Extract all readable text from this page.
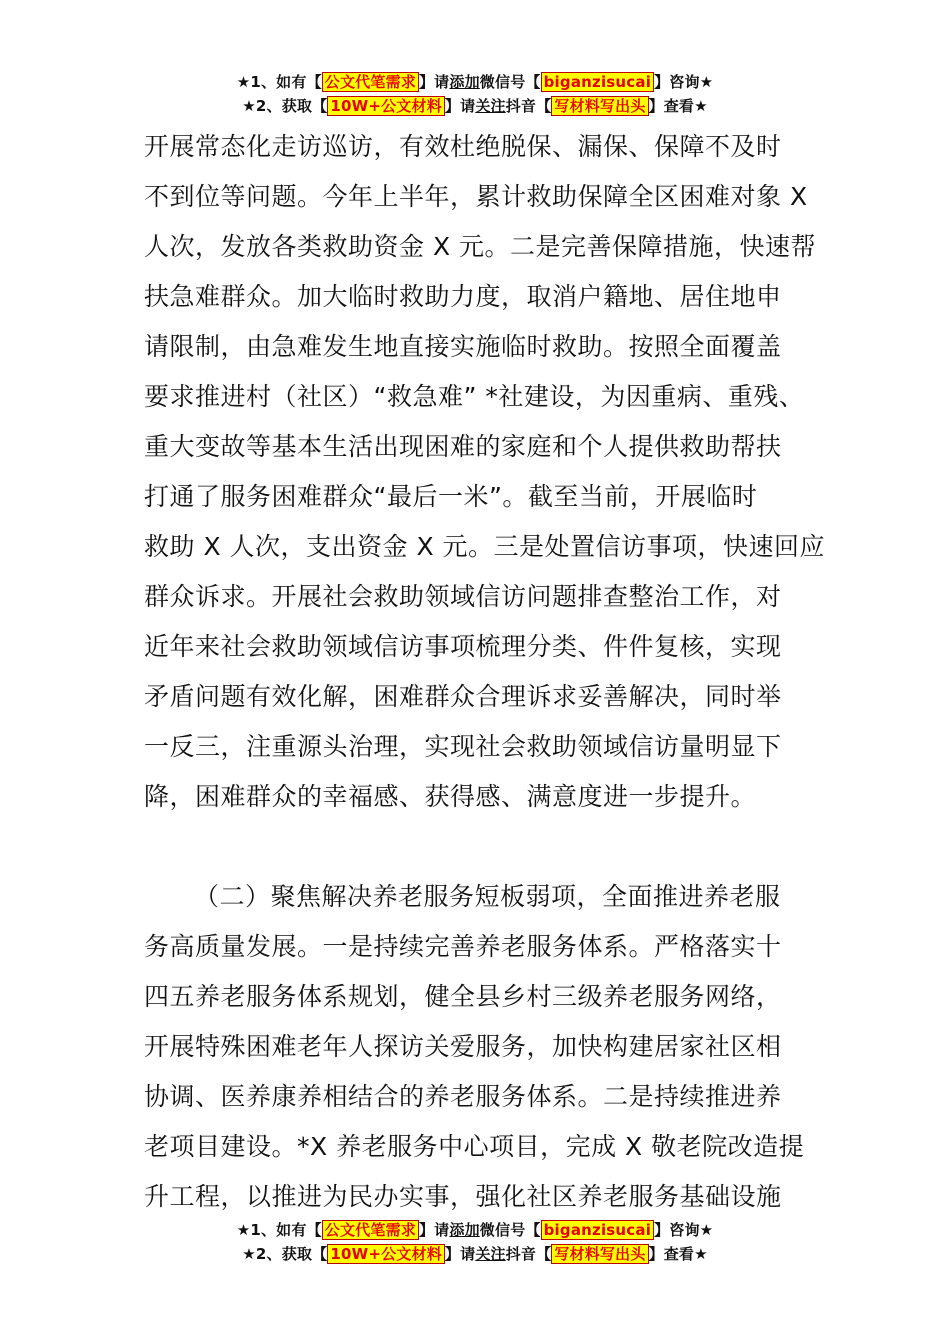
★1、如有【 公文代笔需求 】请添加微信号【 biganzisucai 】咨询★
★2、获取【 10W+公文材料 】请关注抖音【 写材料写出头 】查看★
开展常态化走访巡访，有效杜绝脱保、漏保、保障不及时
不到位等问题。今年上半年，累计救助保障全区困难对象 X
人次，发放各类救助资金 X 元。二是完善保障措施，快速帮
扶急难群众。加大临时救助力度，取消户籍地、居住地申
请限制，由急难发生地直接实施临时救助。按照全面覆盖
要求推进村（社区）“救急难” *社建设，为因重病、重残、
重大变故等基本生活出现困难的家庭和个人提供救助帮扶
打通了服务困难群众“最后一米”。截至当前，开展临时
救助 X 人次，支出资金 X 元。三是处置信访事项，快速回应
群众诉求。开展社会救助领域信访问题排查整治工作，对
近年来社会救助领域信访事项梳理分类、件件复核，实现
矛盾问题有效化解，困难群众合理诉求妥善解决，同时举
一反三，注重源头治理，实现社会救助领域信访量明显下
降，困难群众的幸福感、获得感、满意度进一步提升。
（二）聚焦解决养老服务短板弱项，全面推进养老服
务高质量发展。一是持续完善养老服务体系。严格落实十
四五养老服务体系规划，健全县乡村三级养老服务网络，
开展特殊困难老年人探访关爱服务，加快构建居家社区相
协调、医养康养相结合的养老服务体系。二是持续推进养
老项目建设。*X 养老服务中心项目，完成 X 敬老院改造提
升工程，以推进为民办实事，强化社区养老服务基础设施
★1、如有【 公文代笔需求 】请添加微信号【 biganzisucai 】咨询★
★2、获取【 10W+公文材料 】请关注抖音【 写材料写出头 】查看★
